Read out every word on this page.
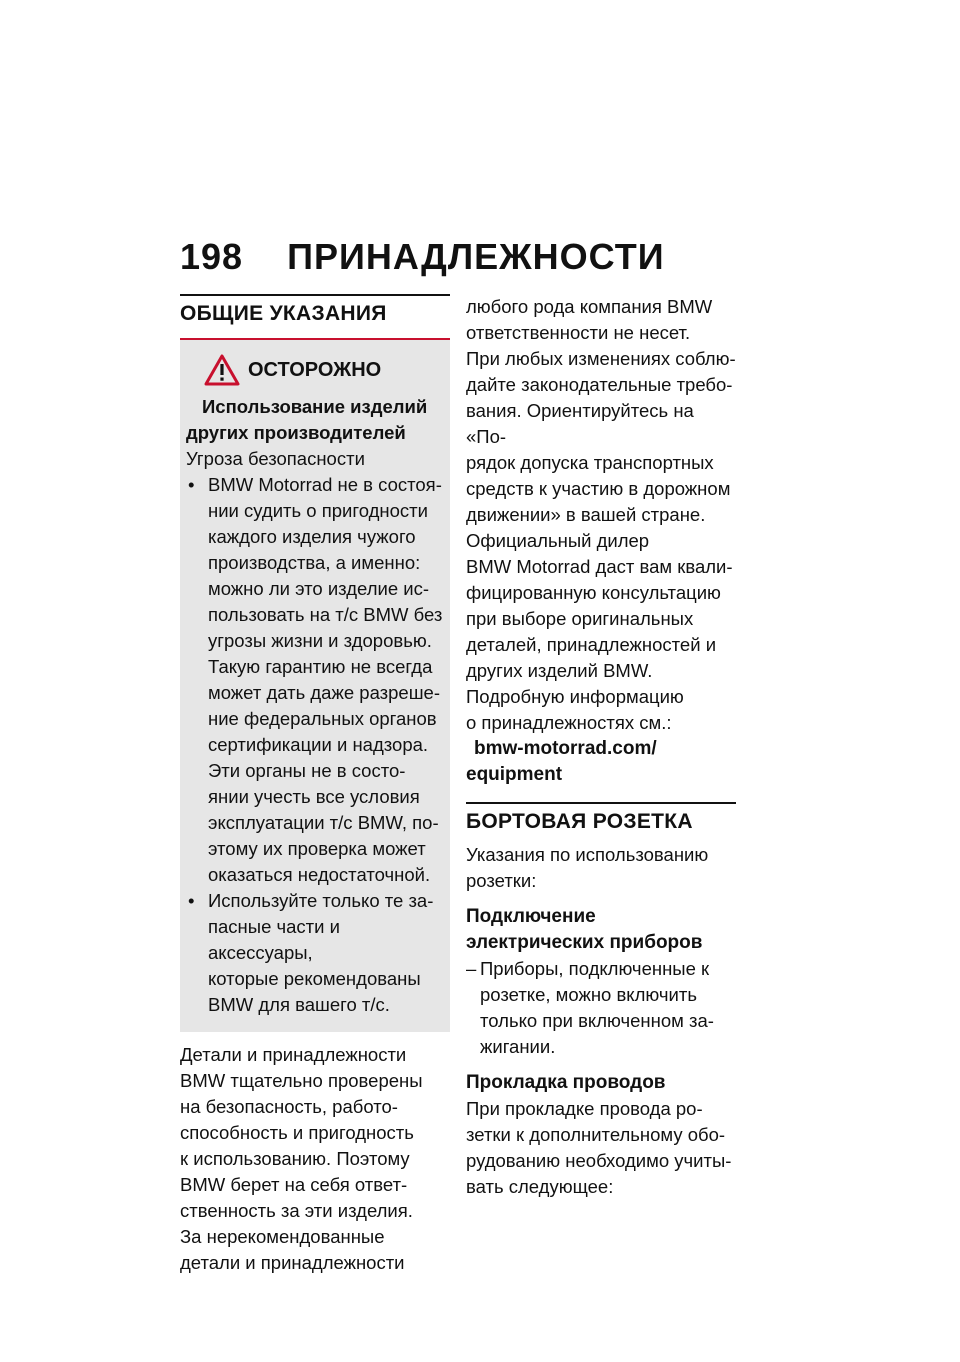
198 ПРИНАДЛЕЖНОСТИ
ОБЩИЕ УКАЗАНИЯ
ОСТОРОЖНО
Использование изделий
других производителей
Угроза безопасности
• BMW Motorrad не в состоя-
нии судить о пригодности
каждого изделия чужого
производства, а именно:
можно ли это изделие ис-
пользовать на т/с BMW без
угрозы жизни и здоровью.
Такую гарантию не всегда
может дать даже разреше-
ние федеральных органов
сертификации и надзора.
Эти органы не в состо-
янии учесть все условия
эксплуатации т/с BMW, по-
этому их проверка может
оказаться недостаточной.
• Используйте только те за-
пасные части и аксессуары,
которые рекомендованы
BMW для вашего т/с.
Детали и принадлежности
BMW тщательно проверены
на безопасность, работо-
способность и пригодность
к использованию. Поэтому
BMW берет на себя ответ-
ственность за эти изделия.
За нерекомендованные
детали и принадлежности
любого рода компания BMW
ответственности не несет.
При любых изменениях соблю-
дайте законодательные требо-
вания. Ориентируйтесь на «По-
рядок допуска транспортных
средств к участию в дорожном
движении» в вашей стране.
Официальный дилер
BMW Motorrad даст вам квали-
фицированную консультацию
при выборе оригинальных
деталей, принадлежностей и
других изделий BMW.
Подробную информацию
о принадлежностях см.:
bmw-motorrad.com/
equipment
БОРТОВАЯ РОЗЕТКА
Указания по использованию
розетки:
Подключение
электрических приборов
– Приборы, подключенные к
розетке, можно включить
только при включенном за-
жигании.
Прокладка проводов
При прокладке провода ро-
зетки к дополнительному обо-
рудованию необходимо учиты-
вать следующее:
